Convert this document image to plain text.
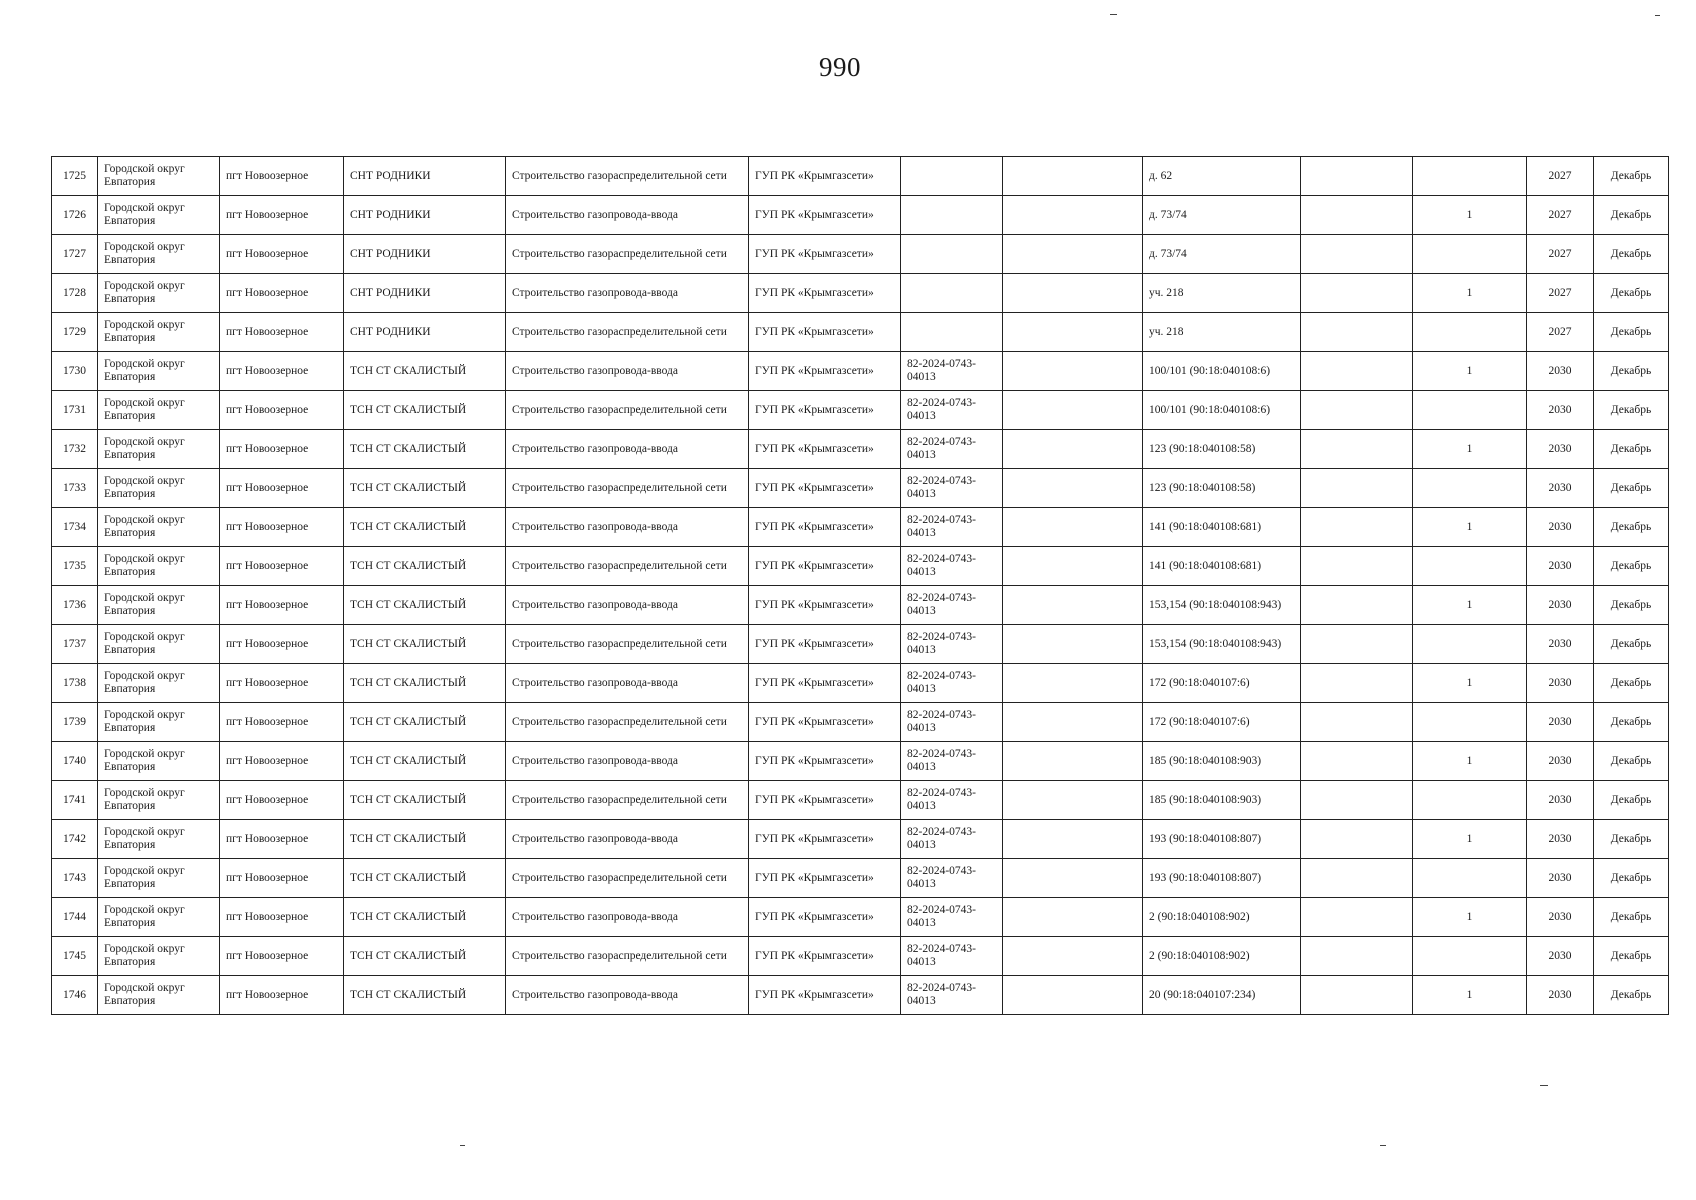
990
1725	Городской округ Евпатория	пгт Новоозерное	СНТ РОДНИКИ	Строительство газораспределительной сети	ГУП РК «Крымгазсети»			д. 62			2027	Декабрь
1726	Городской округ Евпатория	пгт Новоозерное	СНТ РОДНИКИ	Строительство газопровода-ввода	ГУП РК «Крымгазсети»			д. 73/74		1	2027	Декабрь
1727	Городской округ Евпатория	пгт Новоозерное	СНТ РОДНИКИ	Строительство газораспределительной сети	ГУП РК «Крымгазсети»			д. 73/74			2027	Декабрь
1728	Городской округ Евпатория	пгт Новоозерное	СНТ РОДНИКИ	Строительство газопровода-ввода	ГУП РК «Крымгазсети»			уч. 218		1	2027	Декабрь
1729	Городской округ Евпатория	пгт Новоозерное	СНТ РОДНИКИ	Строительство газораспределительной сети	ГУП РК «Крымгазсети»			уч. 218			2027	Декабрь
1730	Городской округ Евпатория	пгт Новоозерное	ТСН СТ СКАЛИСТЫЙ	Строительство газопровода-ввода	ГУП РК «Крымгазсети»	82-2024-0743-04013		100/101 (90:18:040108:6)		1	2030	Декабрь
1731	Городской округ Евпатория	пгт Новоозерное	ТСН СТ СКАЛИСТЫЙ	Строительство газораспределительной сети	ГУП РК «Крымгазсети»	82-2024-0743-04013		100/101 (90:18:040108:6)			2030	Декабрь
1732	Городской округ Евпатория	пгт Новоозерное	ТСН СТ СКАЛИСТЫЙ	Строительство газопровода-ввода	ГУП РК «Крымгазсети»	82-2024-0743-04013		123 (90:18:040108:58)		1	2030	Декабрь
1733	Городской округ Евпатория	пгт Новоозерное	ТСН СТ СКАЛИСТЫЙ	Строительство газораспределительной сети	ГУП РК «Крымгазсети»	82-2024-0743-04013		123 (90:18:040108:58)			2030	Декабрь
1734	Городской округ Евпатория	пгт Новоозерное	ТСН СТ СКАЛИСТЫЙ	Строительство газопровода-ввода	ГУП РК «Крымгазсети»	82-2024-0743-04013		141 (90:18:040108:681)		1	2030	Декабрь
1735	Городской округ Евпатория	пгт Новоозерное	ТСН СТ СКАЛИСТЫЙ	Строительство газораспределительной сети	ГУП РК «Крымгазсети»	82-2024-0743-04013		141 (90:18:040108:681)			2030	Декабрь
1736	Городской округ Евпатория	пгт Новоозерное	ТСН СТ СКАЛИСТЫЙ	Строительство газопровода-ввода	ГУП РК «Крымгазсети»	82-2024-0743-04013		153,154 (90:18:040108:943)		1	2030	Декабрь
1737	Городской округ Евпатория	пгт Новоозерное	ТСН СТ СКАЛИСТЫЙ	Строительство газораспределительной сети	ГУП РК «Крымгазсети»	82-2024-0743-04013		153,154 (90:18:040108:943)			2030	Декабрь
1738	Городской округ Евпатория	пгт Новоозерное	ТСН СТ СКАЛИСТЫЙ	Строительство газопровода-ввода	ГУП РК «Крымгазсети»	82-2024-0743-04013		172 (90:18:040107:6)		1	2030	Декабрь
1739	Городской округ Евпатория	пгт Новоозерное	ТСН СТ СКАЛИСТЫЙ	Строительство газораспределительной сети	ГУП РК «Крымгазсети»	82-2024-0743-04013		172 (90:18:040107:6)			2030	Декабрь
1740	Городской округ Евпатория	пгт Новоозерное	ТСН СТ СКАЛИСТЫЙ	Строительство газопровода-ввода	ГУП РК «Крымгазсети»	82-2024-0743-04013		185 (90:18:040108:903)		1	2030	Декабрь
1741	Городской округ Евпатория	пгт Новоозерное	ТСН СТ СКАЛИСТЫЙ	Строительство газораспределительной сети	ГУП РК «Крымгазсети»	82-2024-0743-04013		185 (90:18:040108:903)			2030	Декабрь
1742	Городской округ Евпатория	пгт Новоозерное	ТСН СТ СКАЛИСТЫЙ	Строительство газопровода-ввода	ГУП РК «Крымгазсети»	82-2024-0743-04013		193 (90:18:040108:807)		1	2030	Декабрь
1743	Городской округ Евпатория	пгт Новоозерное	ТСН СТ СКАЛИСТЫЙ	Строительство газораспределительной сети	ГУП РК «Крымгазсети»	82-2024-0743-04013		193 (90:18:040108:807)			2030	Декабрь
1744	Городской округ Евпатория	пгт Новоозерное	ТСН СТ СКАЛИСТЫЙ	Строительство газопровода-ввода	ГУП РК «Крымгазсети»	82-2024-0743-04013		2 (90:18:040108:902)		1	2030	Декабрь
1745	Городской округ Евпатория	пгт Новоозерное	ТСН СТ СКАЛИСТЫЙ	Строительство газораспределительной сети	ГУП РК «Крымгазсети»	82-2024-0743-04013		2 (90:18:040108:902)			2030	Декабрь
1746	Городской округ Евпатория	пгт Новоозерное	ТСН СТ СКАЛИСТЫЙ	Строительство газопровода-ввода	ГУП РК «Крымгазсети»	82-2024-0743-04013		20 (90:18:040107:234)		1	2030	Декабрь
